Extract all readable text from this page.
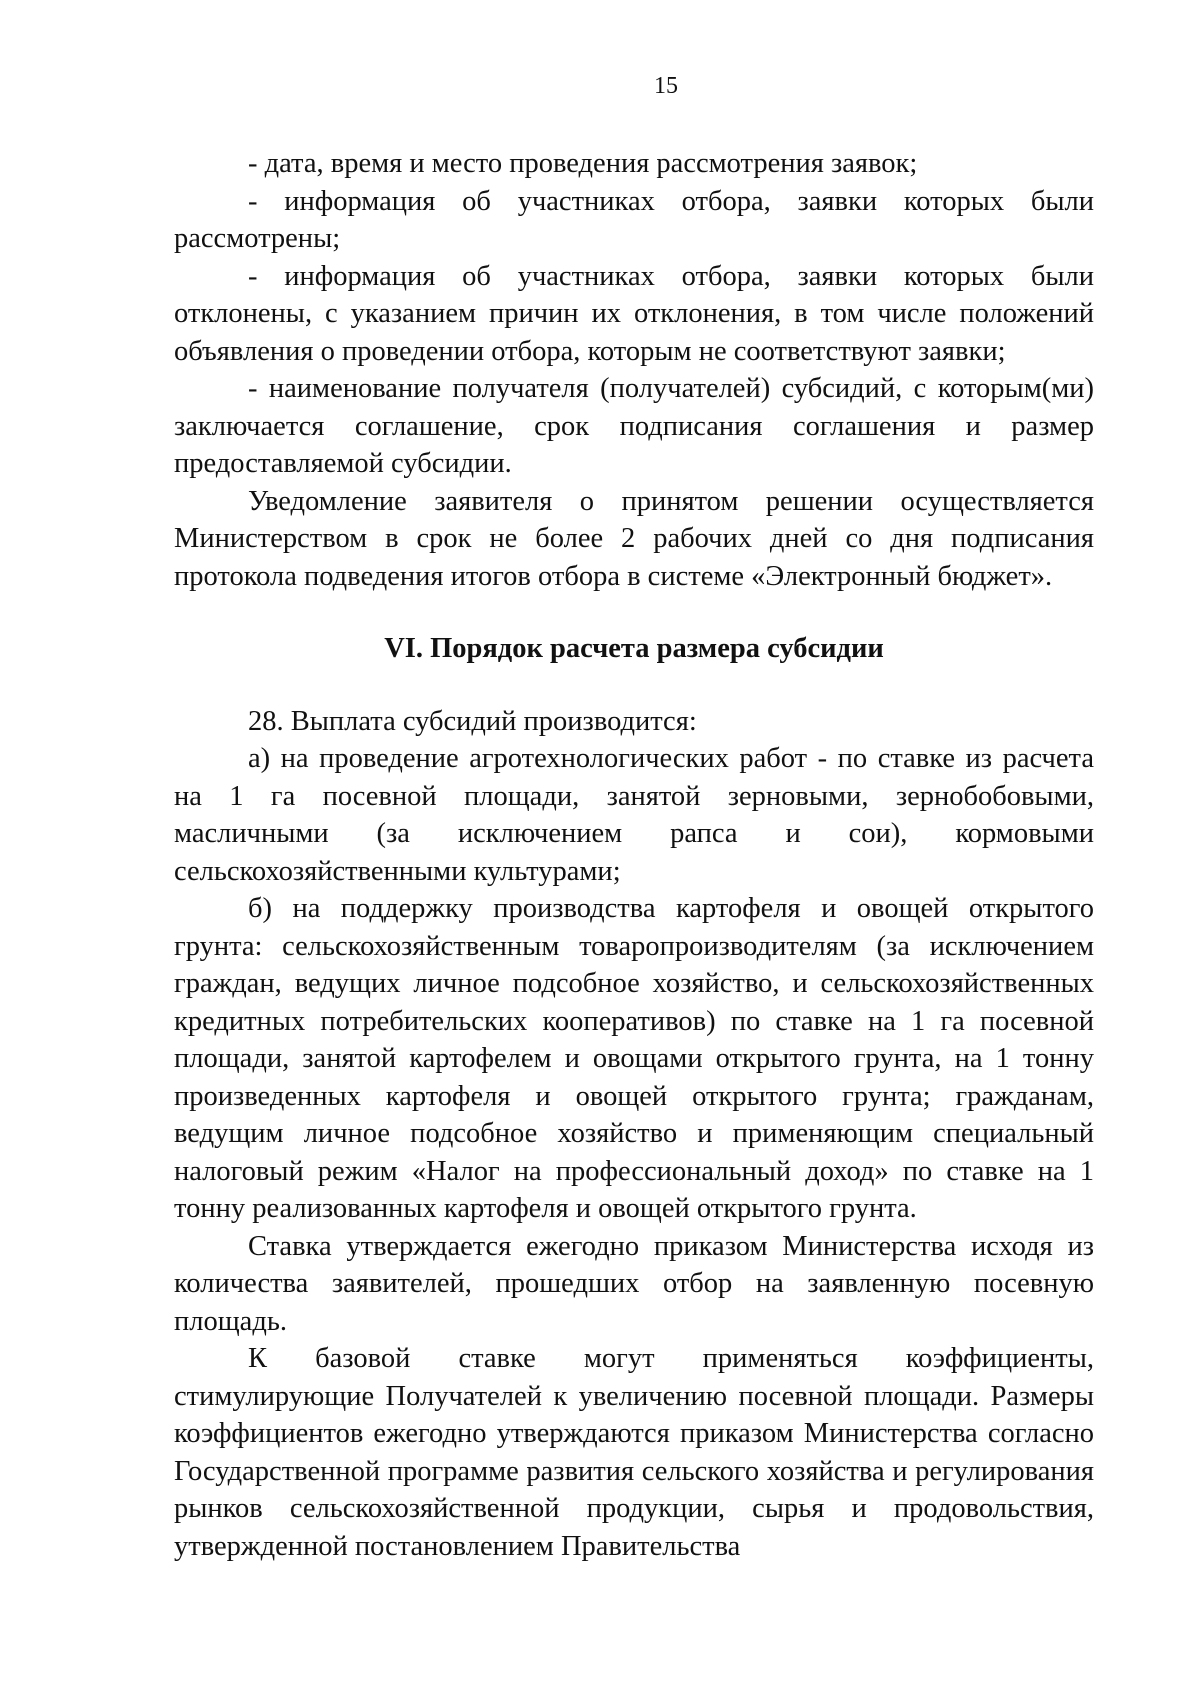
15

- дата, время и место проведения рассмотрения заявок;

- информация об участниках отбора, заявки которых были рассмотрены;

- информация об участниках отбора, заявки которых были отклонены, с указанием причин их отклонения, в том числе положений объявления о проведении отбора, которым не соответствуют заявки;

- наименование получателя (получателей) субсидий, с которым(ми) заключается соглашение, срок подписания соглашения и размер предоставляемой субсидии.

Уведомление заявителя о принятом решении осуществляется Министерством в срок не более 2 рабочих дней со дня подписания протокола подведения итогов отбора в системе «Электронный бюджет».

VI. Порядок расчета размера субсидии

28. Выплата субсидий производится:

а) на проведение агротехнологических работ - по ставке из расчета на 1 га посевной площади, занятой зерновыми, зернобобовыми, масличными (за исключением рапса и сои), кормовыми сельскохозяйственными культурами;

б) на поддержку производства картофеля и овощей открытого грунта: сельскохозяйственным товаропроизводителям (за исключением граждан, ведущих личное подсобное хозяйство, и сельскохозяйственных кредитных потребительских кооперативов) по ставке на 1 га посевной площади, занятой картофелем и овощами открытого грунта, на 1 тонну произведенных картофеля и овощей открытого грунта; гражданам, ведущим личное подсобное хозяйство и применяющим специальный налоговый режим «Налог на профессиональный доход» по ставке на 1 тонну реализованных картофеля и овощей открытого грунта.

Ставка утверждается ежегодно приказом Министерства исходя из количества заявителей, прошедших отбор на заявленную посевную площадь.

К базовой ставке могут применяться коэффициенты, стимулирующие Получателей к увеличению посевной площади. Размеры коэффициентов ежегодно утверждаются приказом Министерства согласно Государственной программе развития сельского хозяйства и регулирования рынков сельскохозяйственной продукции, сырья и продовольствия, утвержденной постановлением Правительства
